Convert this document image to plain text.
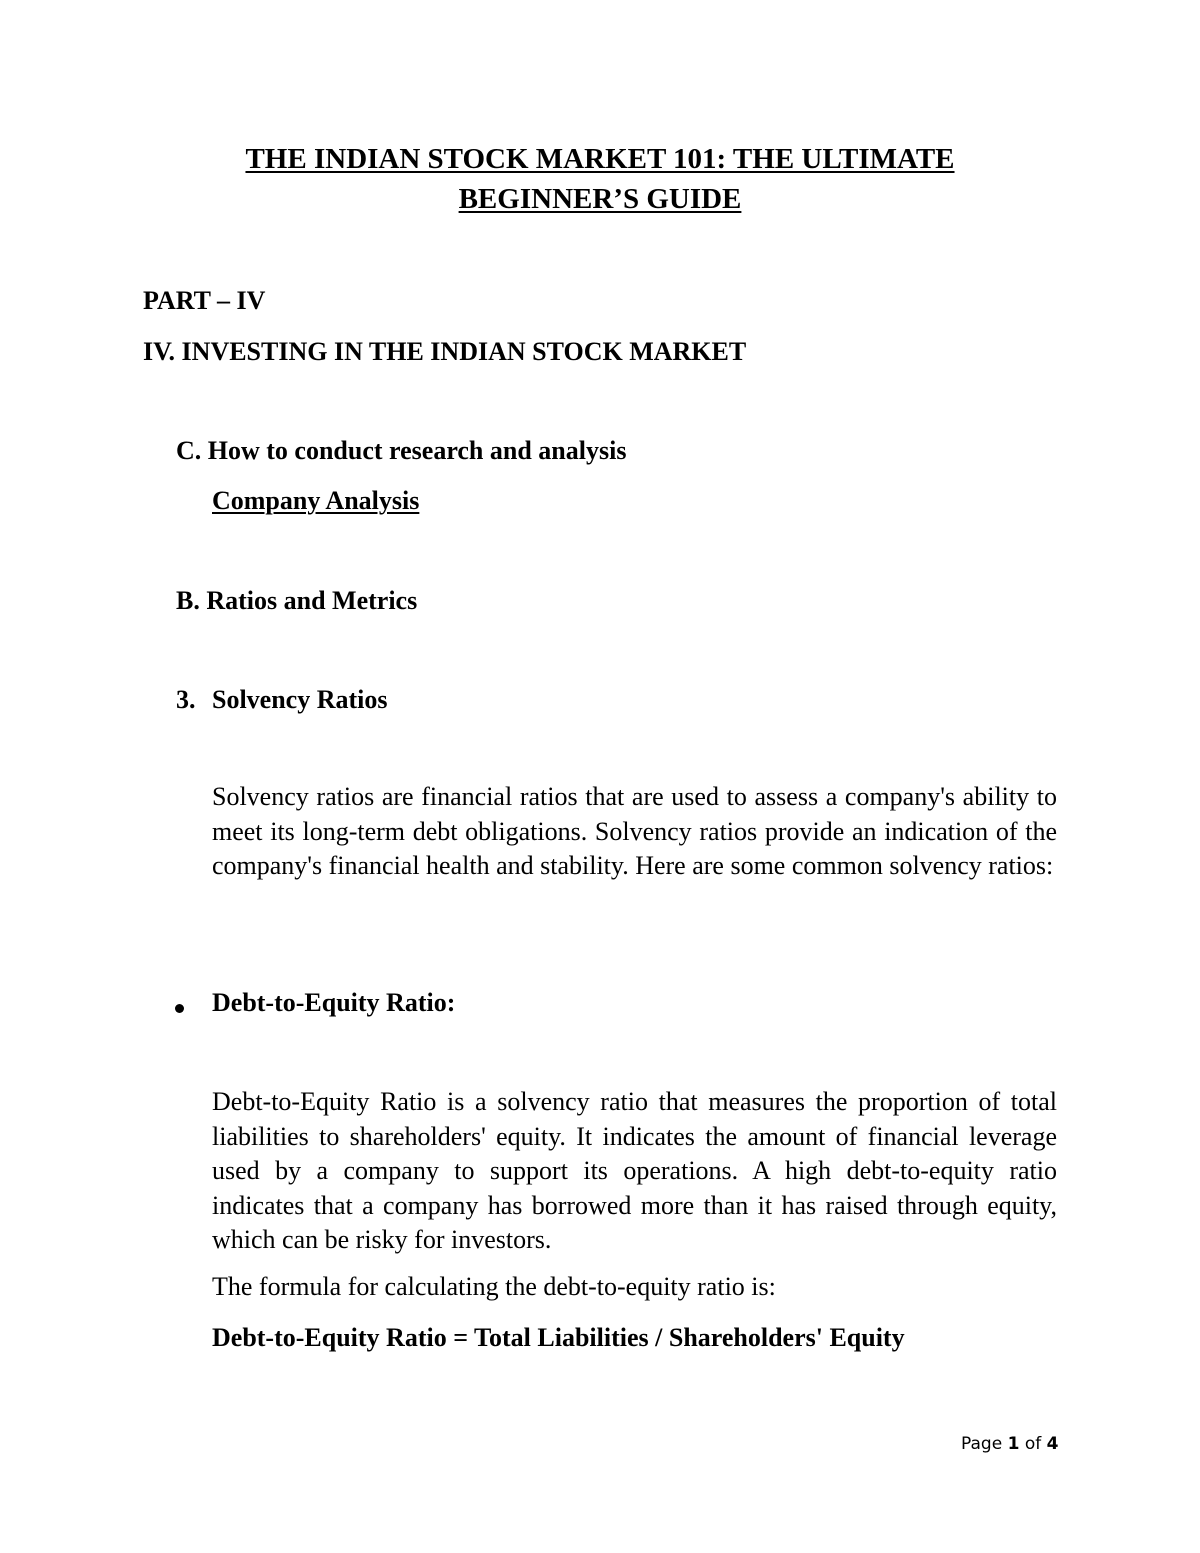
THE INDIAN STOCK MARKET 101: THE ULTIMATE
BEGINNER’S GUIDE
PART – IV
IV. INVESTING IN THE INDIAN STOCK MARKET
C. How to conduct research and analysis
Company Analysis
B. Ratios and Metrics
3. Solvency Ratios
Solvency ratios are financial ratios that are used to assess a company's ability to meet its long-term debt obligations. Solvency ratios provide an indication of the company's financial health and stability. Here are some common solvency ratios:
Debt-to-Equity Ratio:
Debt-to-Equity Ratio is a solvency ratio that measures the proportion of total liabilities to shareholders' equity. It indicates the amount of financial leverage used by a company to support its operations. A high debt-to-equity ratio indicates that a company has borrowed more than it has raised through equity, which can be risky for investors.
The formula for calculating the debt-to-equity ratio is:
Debt-to-Equity Ratio = Total Liabilities / Shareholders' Equity
Page 1 of 4
